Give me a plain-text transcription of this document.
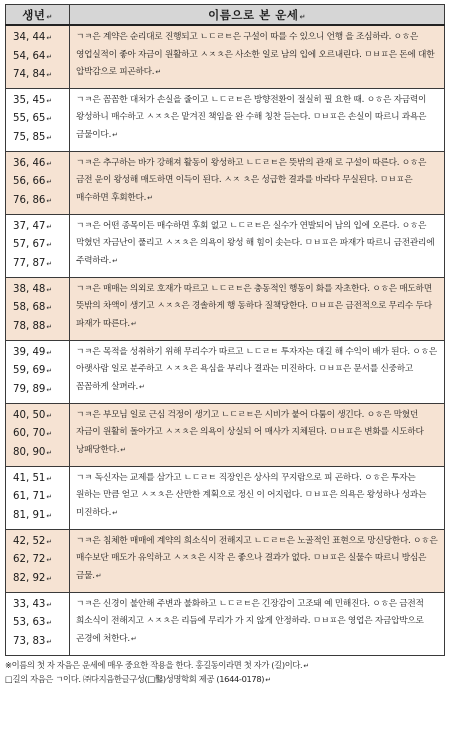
생년↵	이름으로 본 운세↵

34, 44↵
54, 64↵
74, 84↵	ㄱㅋ은 계약은 순리대로 진행되고 ㄴㄷㄹㅌ은 구설이 따를 수 있으니 언행 을 조심하라. ㅇㅎ은 영업실적이 좋아 자금이 원활하고 ㅅㅈㅊ은 사소한 일로 남의 입에 오르내린다. ㅁㅂㅍ은 돈에 대한 압박감으로 피곤하다.↵

35, 45↵
55, 65↵
75, 85↵	ㄱㅋ은 꼼꼼한 대처가 손실을 줄이고 ㄴㄷㄹㅌ은 방향전환이 절실히 필 요한 때. ㅇㅎ은 자금력이 왕성하니 매수하고 ㅅㅈㅊ은 맡겨진 책임을 완 수해 칭찬 듣는다. ㅁㅂㅍ은 손실이 따르니 과욕은 금물이다.↵

36, 46↵
56, 66↵
76, 86↵	ㄱㅋ은 추구하는 바가 강해져 활동이 왕성하고 ㄴㄷㄹㅌ은 뜻밖의 관재 로 구설이 따른다. ㅇㅎ은 금전 운이 왕성해 매도하면 이득이 된다. ㅅㅈ ㅊ은 성급한 결과를 바라다 무실된다. ㅁㅂㅍ은 매수하면 후회한다.↵

37, 47↵
57, 67↵
77, 87↵	ㄱㅋ은 어떤 종목이든 매수하면 후회 없고 ㄴㄷㄹㅌ은 실수가 연발되어 남의 입에 오른다. ㅇㅎ은 막혔던 자금난이 풀리고 ㅅㅈㅊ은 의욕이 왕성 해 힘이 솟는다. ㅁㅂㅍ은 파재가 따르니 금전관리에 주력하라.↵

38, 48↵
58, 68↵
78, 88↵	ㄱㅋ은 매매는 의외로 호재가 따르고 ㄴㄷㄹㅌ은 충동적인 행동이 화를 자초한다. ㅇㅎ은 매도하면 뜻밖의 차액이 생기고 ㅅㅈㅊ은 경솔하게 행 동하다 질책당한다. ㅁㅂㅍ은 금전적으로 무리수 두다 파재가 따른다.↵

39, 49↵
59, 69↵
79, 89↵	ㄱㅋ은 목적을 성취하기 위해 무리수가 따르고 ㄴㄷㄹㅌ 투자자는 대길 해 수익이 배가 된다. ㅇㅎ은 아랫사람 일로 분주하고 ㅅㅈㅊ은 욕심을 부리나 결과는 미진하다. ㅁㅂㅍ은 문서를 신중하고 꼼꼼하게 살펴라.↵

40, 50↵
60, 70↵
80, 90↵	ㄱㅋ은 부모님 일로 근심 걱정이 생기고 ㄴㄷㄹㅌ은 시비가 붙어 다툼이 생긴다. ㅇㅎ은 막혔던 자금이 원활히 돌아가고 ㅅㅈㅊ은 의욕이 상실되 어 매사가 지체된다. ㅁㅂㅍ은 변화를 시도하다 낭패당한다.↵

41, 51↵
61, 71↵
81, 91↵	ㄱㅋ 독신자는 교제를 삼가고 ㄴㄷㄹㅌ 직장인은 상사의 꾸지람으로 피 곤하다. ㅇㅎ은 투자는 원하는 만큼 얻고 ㅅㅈㅊ은 산만한 계획으로 정신 이 어지럽다. ㅁㅂㅍ은 의욕은 왕성하나 성과는 미진하다.↵

42, 52↵
62, 72↵
82, 92↵	ㄱㅋ은 침체한 매매에 계약의 희소식이 전해지고 ㄴㄷㄹㅌ은 노골적인 표현으로 망신당한다. ㅇㅎ은 매수보단 매도가 유익하고 ㅅㅈㅊ은 시작 은 좋으나 결과가 없다. ㅁㅂㅍ은 실물수 따르니 방심은 금물.↵

33, 43↵
53, 63↵
73, 83↵	ㄱㅋ은 신경이 불안해 주변과 불화하고 ㄴㄷㄹㅌ은 긴장감이 고조돼 예 민해진다. ㅇㅎ은 금전적 희소식이 전해지고 ㅅㅈㅊ은 리듬에 무리가 가 지 않게 안정하라. ㅁㅂㅍ은 영업은 자금압박으로 곤경에 처한다.↵
※이름의 첫 자 자음은 운세에 매우 중요한 작용을 한다. 홍길동이라면 첫 자가 (길)이다.↵
□길의 자음은 ㄱ이다. ㈜다지음한글구성(□鑿)성명학회 제공 (1644-0178)↵
